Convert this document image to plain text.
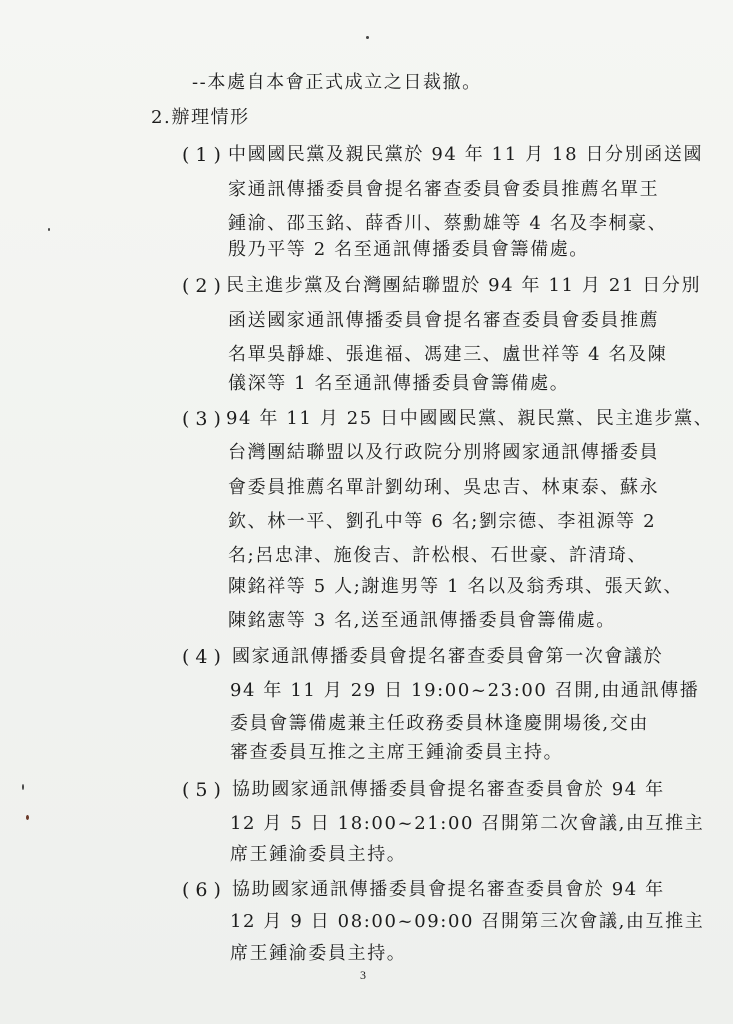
--本處自本會正式成立之日裁撤。
2.辦理情形
(1) 中國國民黨及親民黨於 94 年 11 月 18 日分別函送國
家通訊傳播委員會提名審查委員會委員推薦名單王
鍾渝、邵玉銘、薛香川、蔡勳雄等 4 名及李桐豪、
殷乃平等 2 名至通訊傳播委員會籌備處。
(2) 民主進步黨及台灣團結聯盟於 94 年 11 月 21 日分別
函送國家通訊傳播委員會提名審查委員會委員推薦
名單吳靜雄、張進福、馮建三、盧世祥等 4 名及陳
儀深等 1 名至通訊傳播委員會籌備處。
(3) 94 年 11 月 25 日中國國民黨、親民黨、民主進步黨、
台灣團結聯盟以及行政院分別將國家通訊傳播委員
會委員推薦名單計劉幼琍、吳忠吉、林東泰、蘇永
欽、林一平、劉孔中等 6 名;劉宗德、李祖源等 2
名;呂忠津、施俊吉、許松根、石世豪、許清琦、
陳銘祥等 5 人;謝進男等 1 名以及翁秀琪、張天欽、
陳銘憲等 3 名,送至通訊傳播委員會籌備處。
(4) 國家通訊傳播委員會提名審查委員會第一次會議於
94 年 11 月 29 日 19:00~23:00 召開,由通訊傳播
委員會籌備處兼主任政務委員林逢慶開場後,交由
審查委員互推之主席王鍾渝委員主持。
(5) 協助國家通訊傳播委員會提名審查委員會於 94 年
12 月 5 日 18:00~21:00 召開第二次會議,由互推主
席王鍾渝委員主持。
(6) 協助國家通訊傳播委員會提名審查委員會於 94 年
12 月 9 日 08:00~09:00 召開第三次會議,由互推主
席王鍾渝委員主持。
3
